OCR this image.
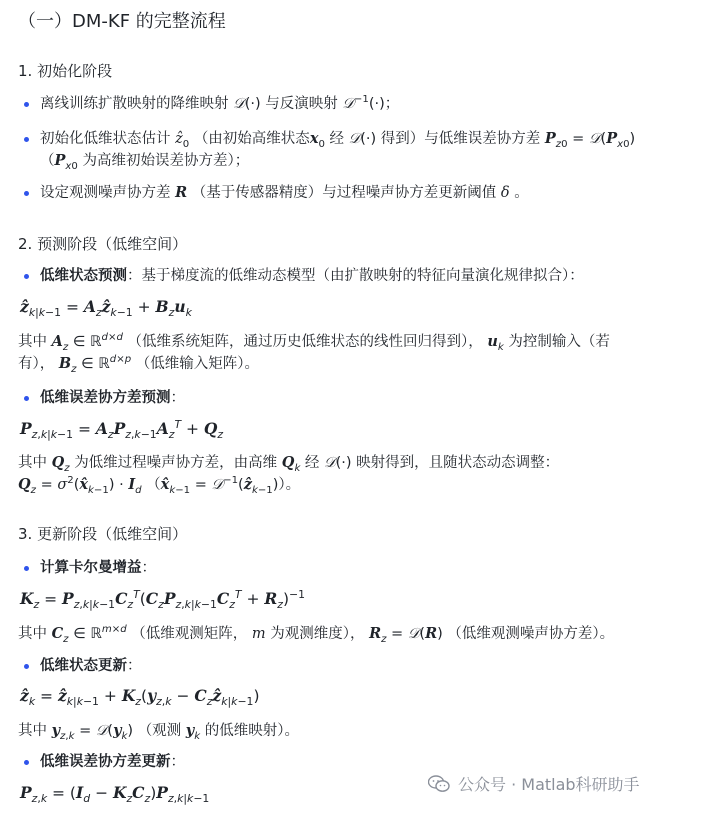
（一）DM-KF 的完整流程
1. 初始化阶段
离线训练扩散映射的降维映射 𝒟(·) 与反演映射 𝒟$^{-1}$(·)；
初始化低维状态估计 ẑ$_0$ （由初始高维状态$x_0$ 经 𝒟(·) 得到）与低维误差协方差 $P_{z0}$ = $𝒟(P_{x0})$
（$P_{x0}$ 为高维初始误差协方差）；
设定观测噪声协方差 R （基于传感器精度）与过程噪声协方差更新阈值 δ 。
2. 预测阶段（低维空间）
低维状态预测：基于梯度流的低维动态模型（由扩散映射的特征向量演化规律拟合）：
ẑ$_{k|k-1}$ = $A_zẑ_{k-1} + B_zu_k$
其中 $A_z$ ∈ ℝ$^{d\times d}$ （低维系统矩阵，通过历史低维状态的线性回归得到）， $u_k$ 为控制输入（若
有）， $B_z$ ∈ ℝ$^{d\times p}$ （低维输入矩阵）。
低维误差协方差预测：
$P_{z,k|k-1} = A_zP_{z,k-1}A_z^T + Q_z$
其中 $Q_z$ 为低维过程噪声协方差，由高维 $Q_k$ 经 𝒟(·) 映射得到，且随状态动态调整：
$Q_z$ = $\sigma^2(x̂_{k-1}) \cdot I_d$ （$x̂_{k-1}$ = 𝒟$^{-1}$(ẑ$_{k-1}$)）。
3. 更新阶段（低维空间）
计算卡尔曼增益：
$K_z = P_{z,k|k-1}C_z^T(C_zP_{z,k|k-1}C_z^T + R_z)^{-1}$
其中 $C_z$ ∈ ℝ$^{m\times d}$ （低维观测矩阵， m 为观测维度）， $R_z$ = 𝒟(R) （低维观测噪声协方差）。
低维状态更新：
ẑ$_k$ = ẑ$_{k|k-1}$ + $K_z(y_{z,k}$ − $C_zẑ_{k|k-1}$)
其中 $y_{z,k}$ = $𝒟(y_k)$ （观测 $y_k$ 的低维映射）。
低维误差协方差更新：
$P_{z,k} = (I_d - K_zC_z)P_{z,k|k-1}$
公众号 · Matlab科研助手
